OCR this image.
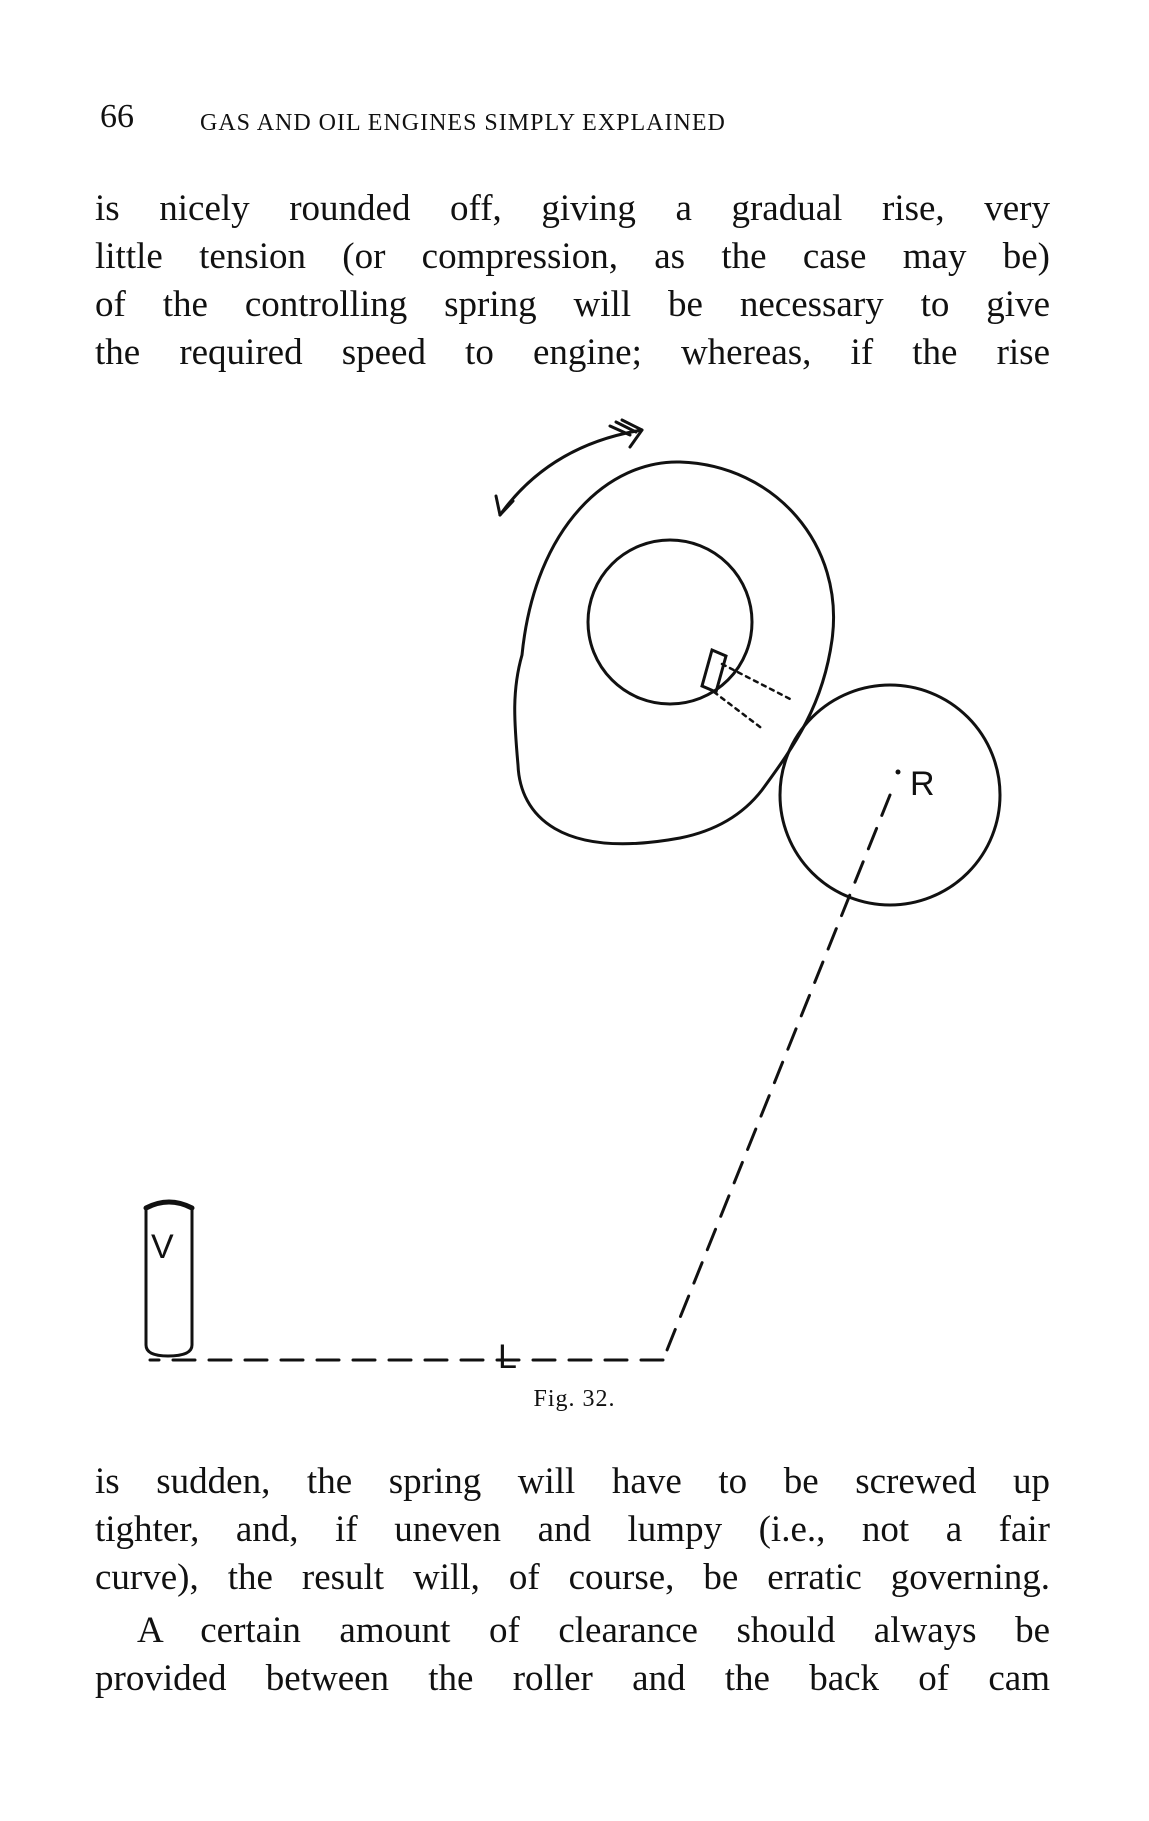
66	GAS AND OIL ENGINES SIMPLY EXPLAINED
is nicely rounded off, giving a gradual rise, very
little tension (or compression, as the case may be)
of the controlling spring will be necessary to give
the required speed to engine; whereas, if the rise
R
V
L
Fig. 32.
is sudden, the spring will have to be screwed up
tighter, and, if uneven and lumpy (i.e., not a fair
curve), the result will, of course, be erratic governing.
A certain amount of clearance should always be
provided between the roller and the back of cam
